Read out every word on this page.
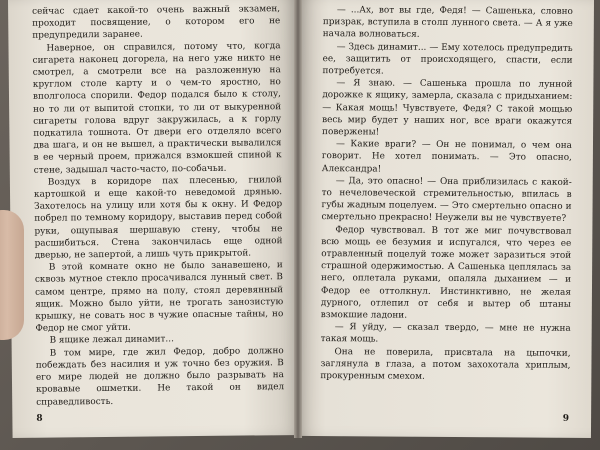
сейчас сдает какой-то очень важный экзамен, проходит посвящение, о котором его не предупредили заранее.

Наверное, он справился, потому что, когда сигарета наконец догорела, на него уже никто не смотрел, а смотрели все на разложенную на круглом столе карту и о чем-то яростно, но вполголоса спорили. Федор подался было к столу, но то ли от выпитой стопки, то ли от выкуренной сигареты голова вдруг закружилась, а к горлу подкатила тошнота. От двери его отделяло всего два шага, и он не вышел, а практически вывалился в ее черный проем, прижался взмокшей спиной к стене, задышал часто-часто, по-собачьи.

Воздух в коридоре пах плесенью, гнилой картошкой и еще какой-то неведомой дрянью. Захотелось на улицу или хотя бы к окну. И Федор побрел по темному коридору, выставив перед собой руки, ощупывая шершавую стену, чтобы не расшибиться. Стена закончилась еще одной дверью, не запертой, а лишь чуть прикрытой.

В этой комнате окно не было занавешено, и сквозь мутное стекло просачивался лунный свет. В самом центре, прямо на полу, стоял деревянный ящик. Можно было уйти, не трогать занозистую крышку, не совать нос в чужие опасные тайны, но Федор не смог уйти.

В ящике лежал динамит...

В том мире, где жил Федор, добро должно побеждать без насилия и уж точно без оружия. В его мире людей не должно было разрывать на кровавые ошметки. Не такой он видел справедливость.

8

— ...Ах, вот вы где, Федя! — Сашенька, словно призрак, вступила в столп лунного света. — А я уже начала волноваться.

— Здесь динамит... — Ему хотелось предупредить ее, защитить от происходящего, спасти, если потребуется.

— Я знаю. — Сашенька прошла по лунной дорожке к ящику, замерла, сказала с придыханием: — Какая мощь! Чувствуете, Федя? С такой мощью весь мир будет у наших ног, все враги окажутся повержены!

— Какие враги? — Он не понимал, о чем она говорит. Не хотел понимать. — Это опасно, Александра!

— Да, это опасно! — Она приблизилась с какой-то нечеловеческой стремительностью, впилась в губы жадным поцелуем. — Это смертельно опасно и смертельно прекрасно! Неужели вы не чувствуете?

Федор чувствовал. В тот же миг почувствовал всю мощь ее безумия и испугался, что через ее отравленный поцелуй тоже может заразиться этой страшной одержимостью. А Сашенька цеплялась за него, оплетала руками, опаляла дыханием — и Федор ее оттолкнул. Инстинктивно, не желая дурного, отлепил от себя и вытер об штаны взмокшие ладони.

— Я уйду, — сказал твердо, — мне не нужна такая мощь.

Она не поверила, присвтала на цыпочки, заглянула в глаза, а потом захохотала хриплым, прокуренным смехом.

9
